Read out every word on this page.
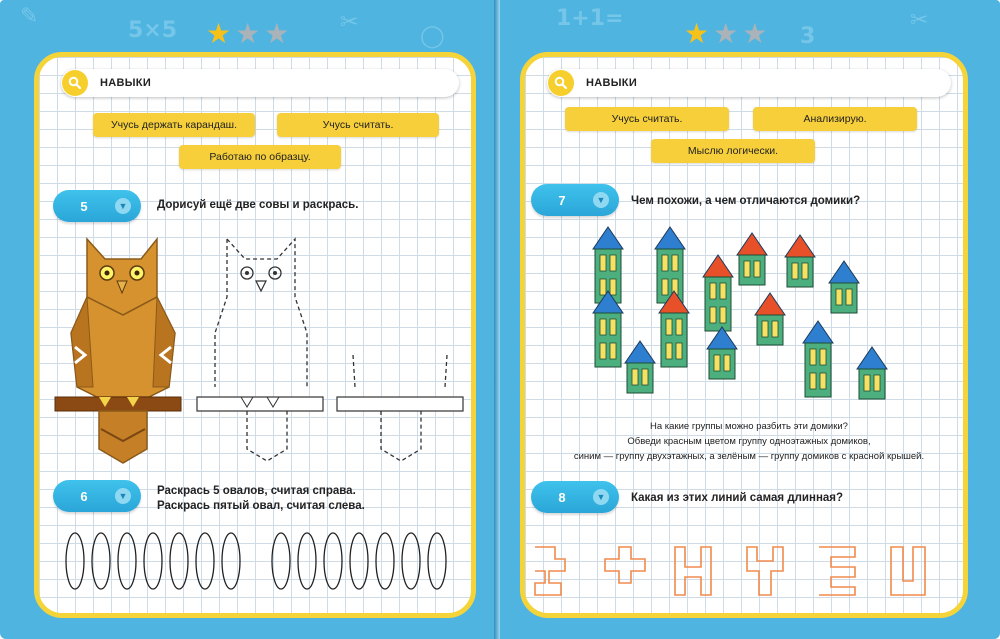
✎
5×5	✂
◯
★ ★ ★
НАВЫКИ
Учусь держать карандаш.	Учусь считать.
Работаю по образцу.
5	▼	Дорисуй ещё две совы и раскрась.
6	▼	Раскрась 5 овалов, считая справа.
Раскрась пятый овал, считая слева.
1+1=
3
✂
★ ★ ★
НАВЫКИ
Учусь считать.	Анализирую.
Мыслю логически.
7	▼	Чем похожи, а чем отличаются домики?
На какие группы можно разбить эти домики?
Обведи красным цветом группу одноэтажных домиков,
синим — группу двухэтажных, а зелёным — группу домиков с красной крышей.
8	▼	Какая из этих линий самая длинная?
